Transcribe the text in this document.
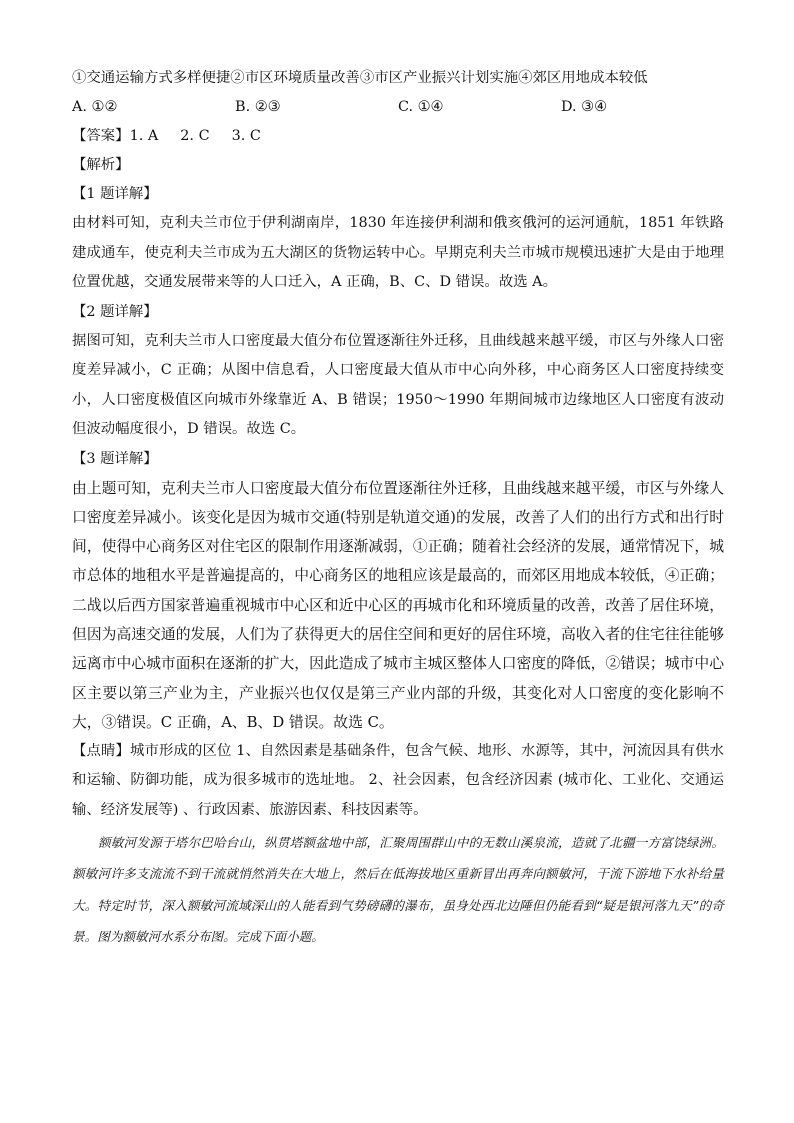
①交通运输方式多样便捷②市区环境质量改善③市区产业振兴计划实施④郊区用地成本较低

A. ①②	B. ②③	C. ①④	D. ③④

【答案】1. A 2. C 3. C

【解析】

【1 题详解】

由材料可知，克利夫兰市位于伊利湖南岸，1830 年连接伊利湖和俄亥俄河的运河通航，1851 年铁路建成通车，使克利夫兰市成为五大湖区的货物运转中心。早期克利夫兰市城市规模迅速扩大是由于地理位置优越，交通发展带来等的人口迁入，A 正确，B、C、D 错误。故选 A。

【2 题详解】

据图可知，克利夫兰市人口密度最大值分布位置逐渐往外迁移，且曲线越来越平缓，市区与外缘人口密度差异减小，C 正确；从图中信息看，人口密度最大值从市中心向外移，中心商务区人口密度持续变小，人口密度极值区向城市外缘靠近 A、B 错误；1950～1990 年期间城市边缘地区人口密度有波动但波动幅度很小，D 错误。故选 C。

【3 题详解】

由上题可知，克利夫兰市人口密度最大值分布位置逐渐往外迁移，且曲线越来越平缓，市区与外缘人口密度差异减小。该变化是因为城市交通(特别是轨道交通)的发展，改善了人们的出行方式和出行时间，使得中心商务区对住宅区的限制作用逐渐减弱，①正确；随着社会经济的发展，通常情况下，城市总体的地租水平是普遍提高的，中心商务区的地租应该是最高的，而郊区用地成本较低，④正确；二战以后西方国家普遍重视城市中心区和近中心区的再城市化和环境质量的改善，改善了居住环境，但因为高速交通的发展，人们为了获得更大的居住空间和更好的居住环境，高收入者的住宅往往能够远离市中心城市面积在逐渐的扩大，因此造成了城市主城区整体人口密度的降低，②错误；城市中心区主要以第三产业为主，产业振兴也仅仅是第三产业内部的升级，其变化对人口密度的变化影响不大，③错误。C 正确，A、B、D 错误。故选 C。

【点睛】城市形成的区位 1、自然因素是基础条件，包含气候、地形、水源等，其中，河流因具有供水和运输、防御功能，成为很多城市的选址地。 2、社会因素，包含经济因素 (城市化、工业化、交通运输、经济发展等) 、行政因素、旅游因素、科技因素等。

额敏河发源于塔尔巴哈台山，纵贯塔额盆地中部，汇聚周围群山中的无数山溪泉流，造就了北疆一方富饶绿洲。额敏河许多支流流不到干流就悄然消失在大地上，然后在低海拔地区重新冒出再奔向额敏河，干流下游地下水补给量大。特定时节，深入额敏河流域深山的人能看到气势磅礴的瀑布，虽身处西北边陲但仍能看到“疑是银河落九天”的奇景。图为额敏河水系分布图。完成下面小题。
